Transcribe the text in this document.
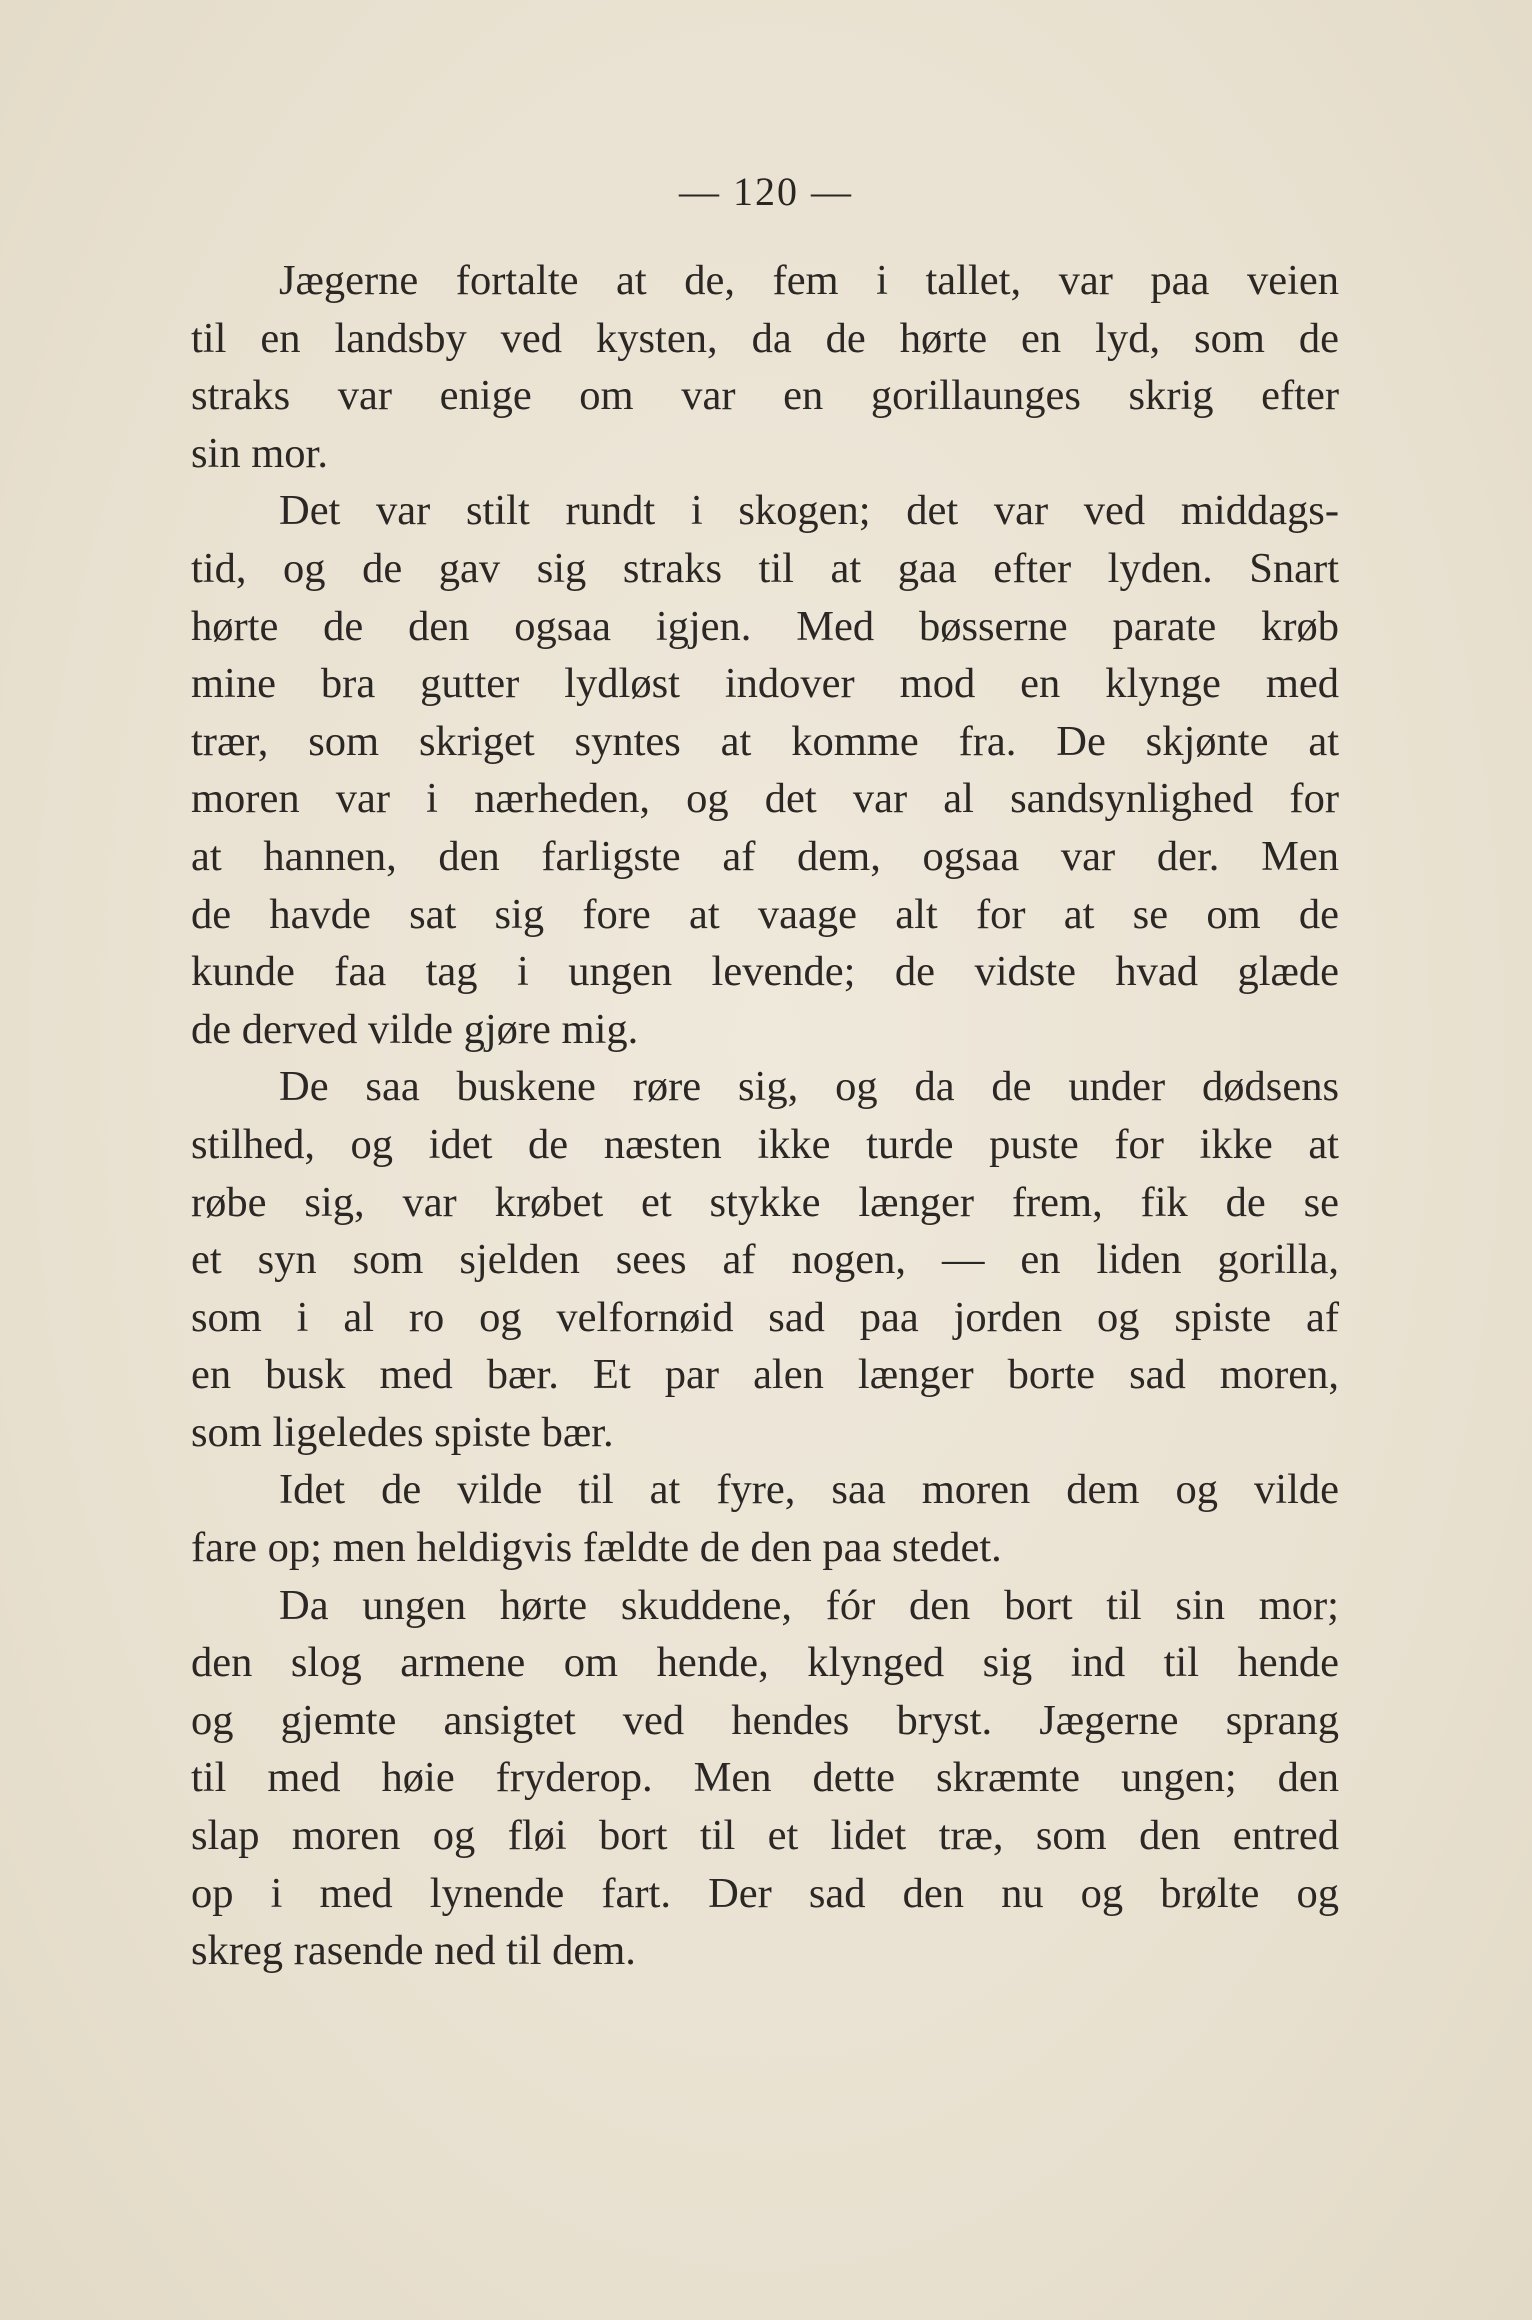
— 120 —

Jægerne fortalte at de, fem i tallet, var paa veien
til en landsby ved kysten, da de hørte en lyd, som de
straks var enige om var en gorillaunges skrig efter
sin mor.

Det var stilt rundt i skogen; det var ved middags-
tid, og de gav sig straks til at gaa efter lyden. Snart
hørte de den ogsaa igjen. Med bøsserne parate krøb
mine bra gutter lydløst indover mod en klynge med
trær, som skriget syntes at komme fra. De skjønte at
moren var i nærheden, og det var al sandsynlighed for
at hannen, den farligste af dem, ogsaa var der. Men
de havde sat sig fore at vaage alt for at se om de
kunde faa tag i ungen levende; de vidste hvad glæde
de derved vilde gjøre mig.

De saa buskene røre sig, og da de under dødsens
stilhed, og idet de næsten ikke turde puste for ikke at
røbe sig, var krøbet et stykke længer frem, fik de se
et syn som sjelden sees af nogen, — en liden gorilla,
som i al ro og velfornøid sad paa jorden og spiste af
en busk med bær. Et par alen længer borte sad moren,
som ligeledes spiste bær.

Idet de vilde til at fyre, saa moren dem og vilde
fare op; men heldigvis fældte de den paa stedet.

Da ungen hørte skuddene, fór den bort til sin mor;
den slog armene om hende, klynged sig ind til hende
og gjemte ansigtet ved hendes bryst. Jægerne sprang
til med høie fryderop. Men dette skræmte ungen; den
slap moren og fløi bort til et lidet træ, som den entred
op i med lynende fart. Der sad den nu og brølte og
skreg rasende ned til dem.
